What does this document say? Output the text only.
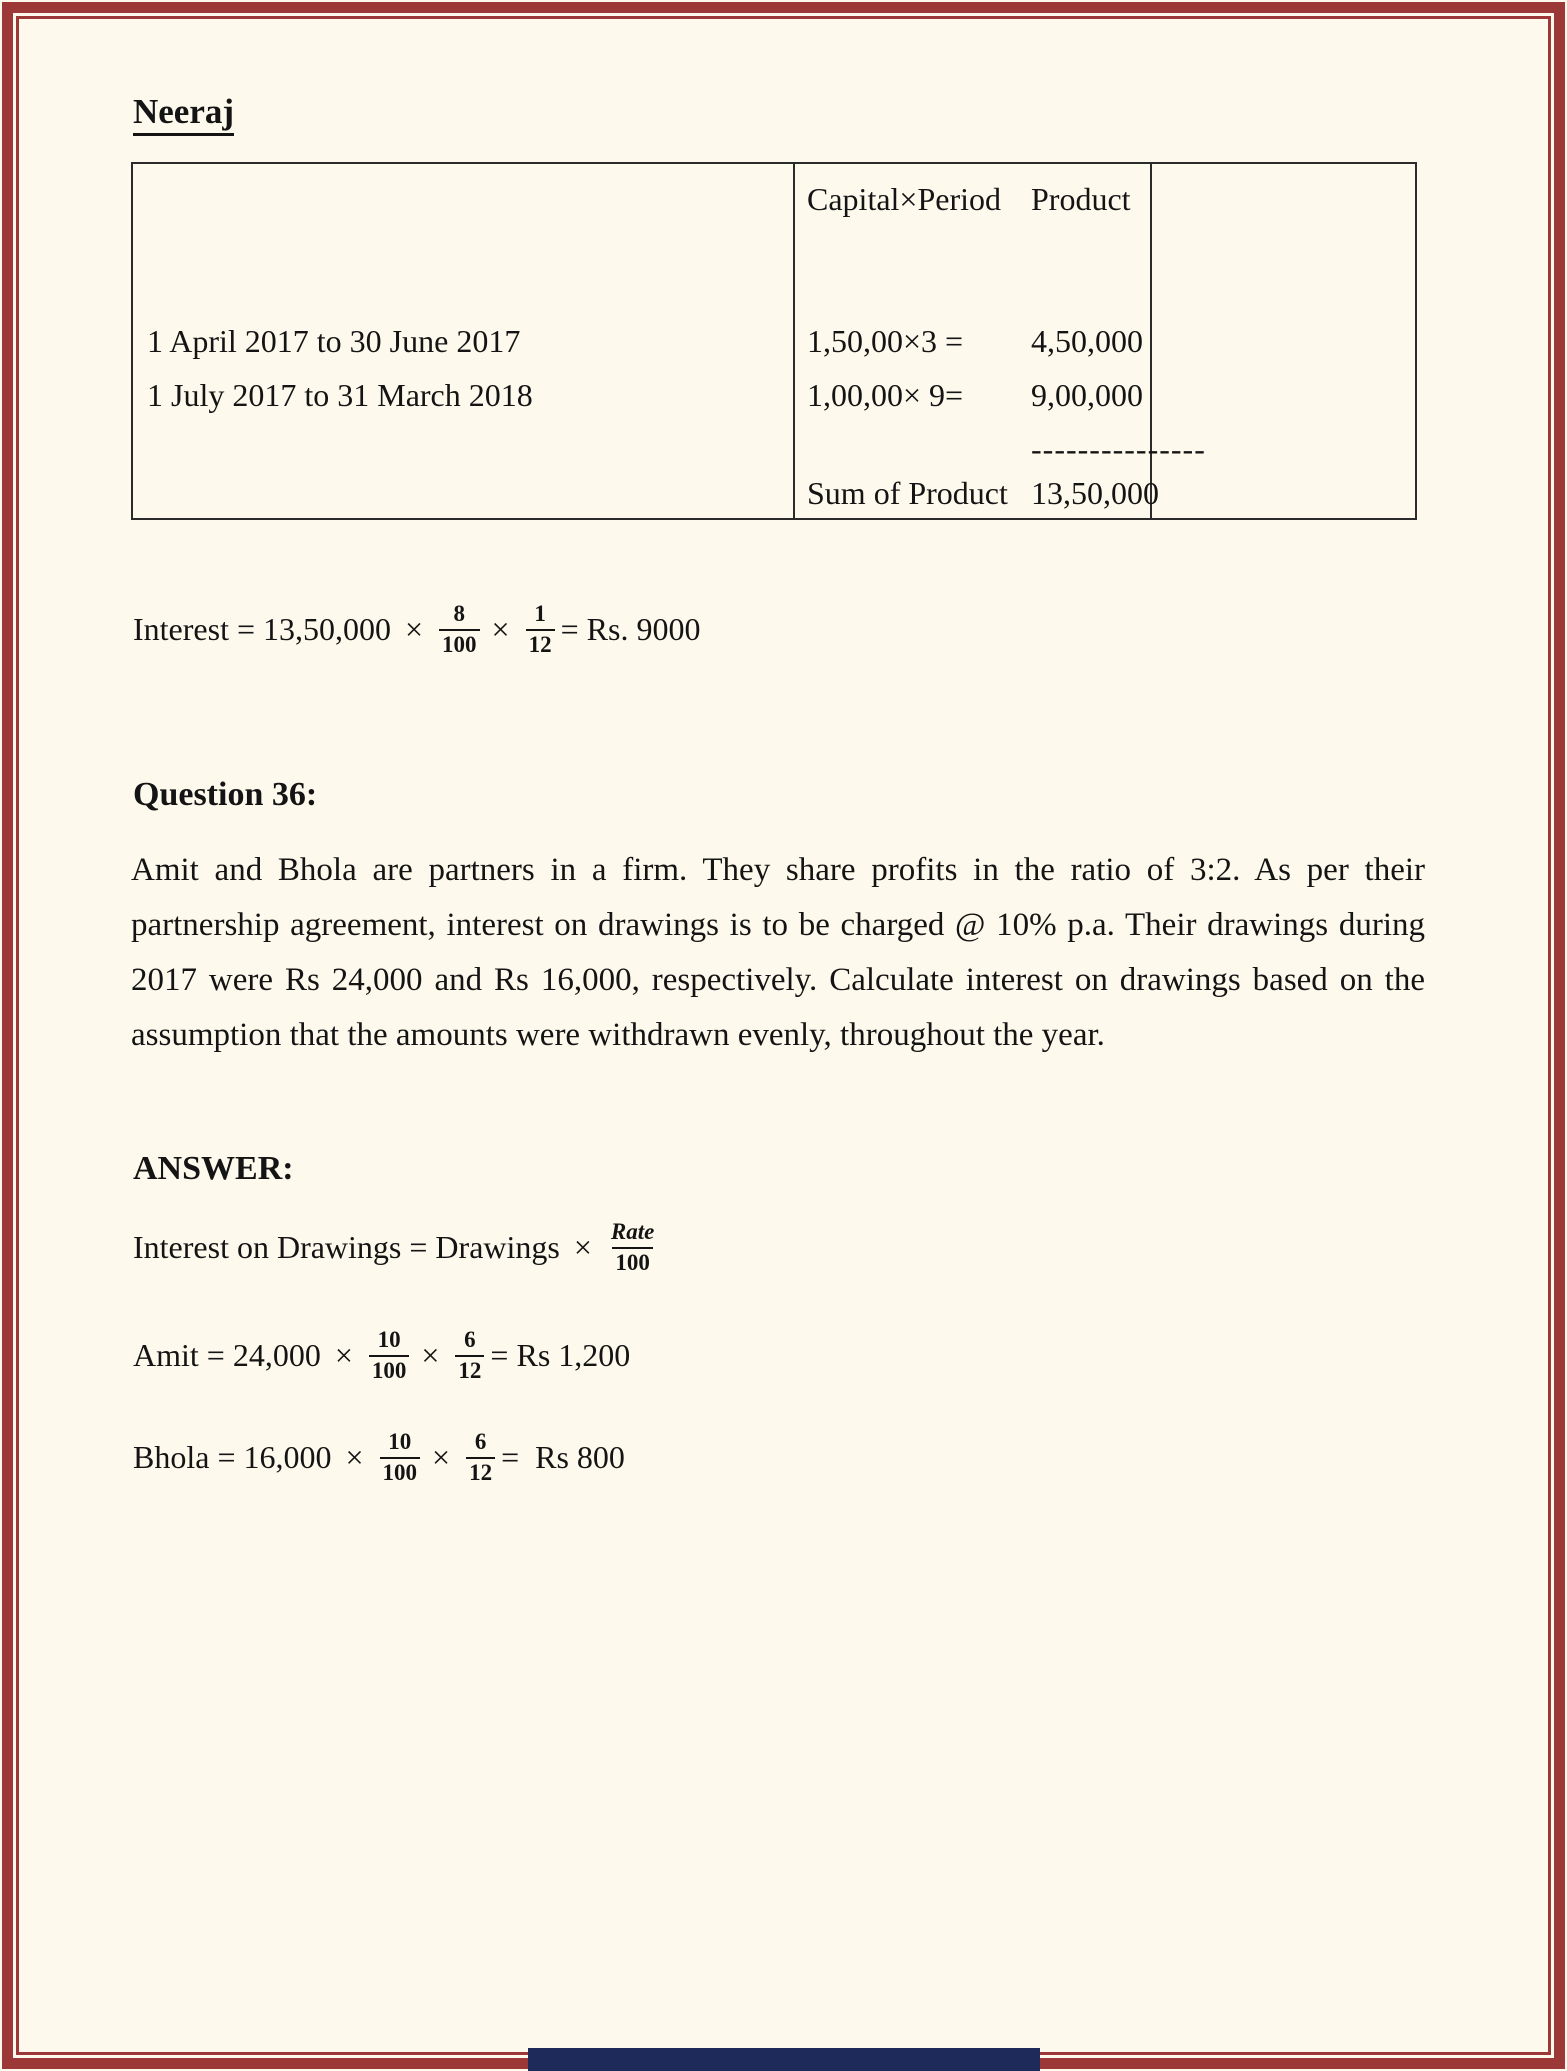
Neeraj
Capital×Period Product
1 April 2017 to 30 June 2017
1 July 2017 to 31 March 2018
1,50,00×3 =
1,00,00× 9=
4,50,000
9,00,000
---------------
Sum of Product 13,50,000
Interest = $13,50,000 \times \frac{8}{100} \times \frac{1}{12} = Rs$. 9000
Question 36:
Amit and Bhola are partners in a firm. They share profits in the ratio of 3:2. As per their partnership agreement, interest on drawings is to be charged @ 10% p.a. Their drawings during 2017 were Rs 24,000 and Rs 16,000, respectively. Calculate interest on drawings based on the assumption that the amounts were withdrawn evenly, throughout the year.
ANSWER:
Interest on Drawings = Drawings × $\frac{\text{Rate}}{100}$
Amit = $24,000 \times \frac{10}{100} \times \frac{6}{12} = Rs$ 1,200
Bhola = $16,000 \times \frac{10}{100} \times \frac{6}{12} = Rs$ 800
